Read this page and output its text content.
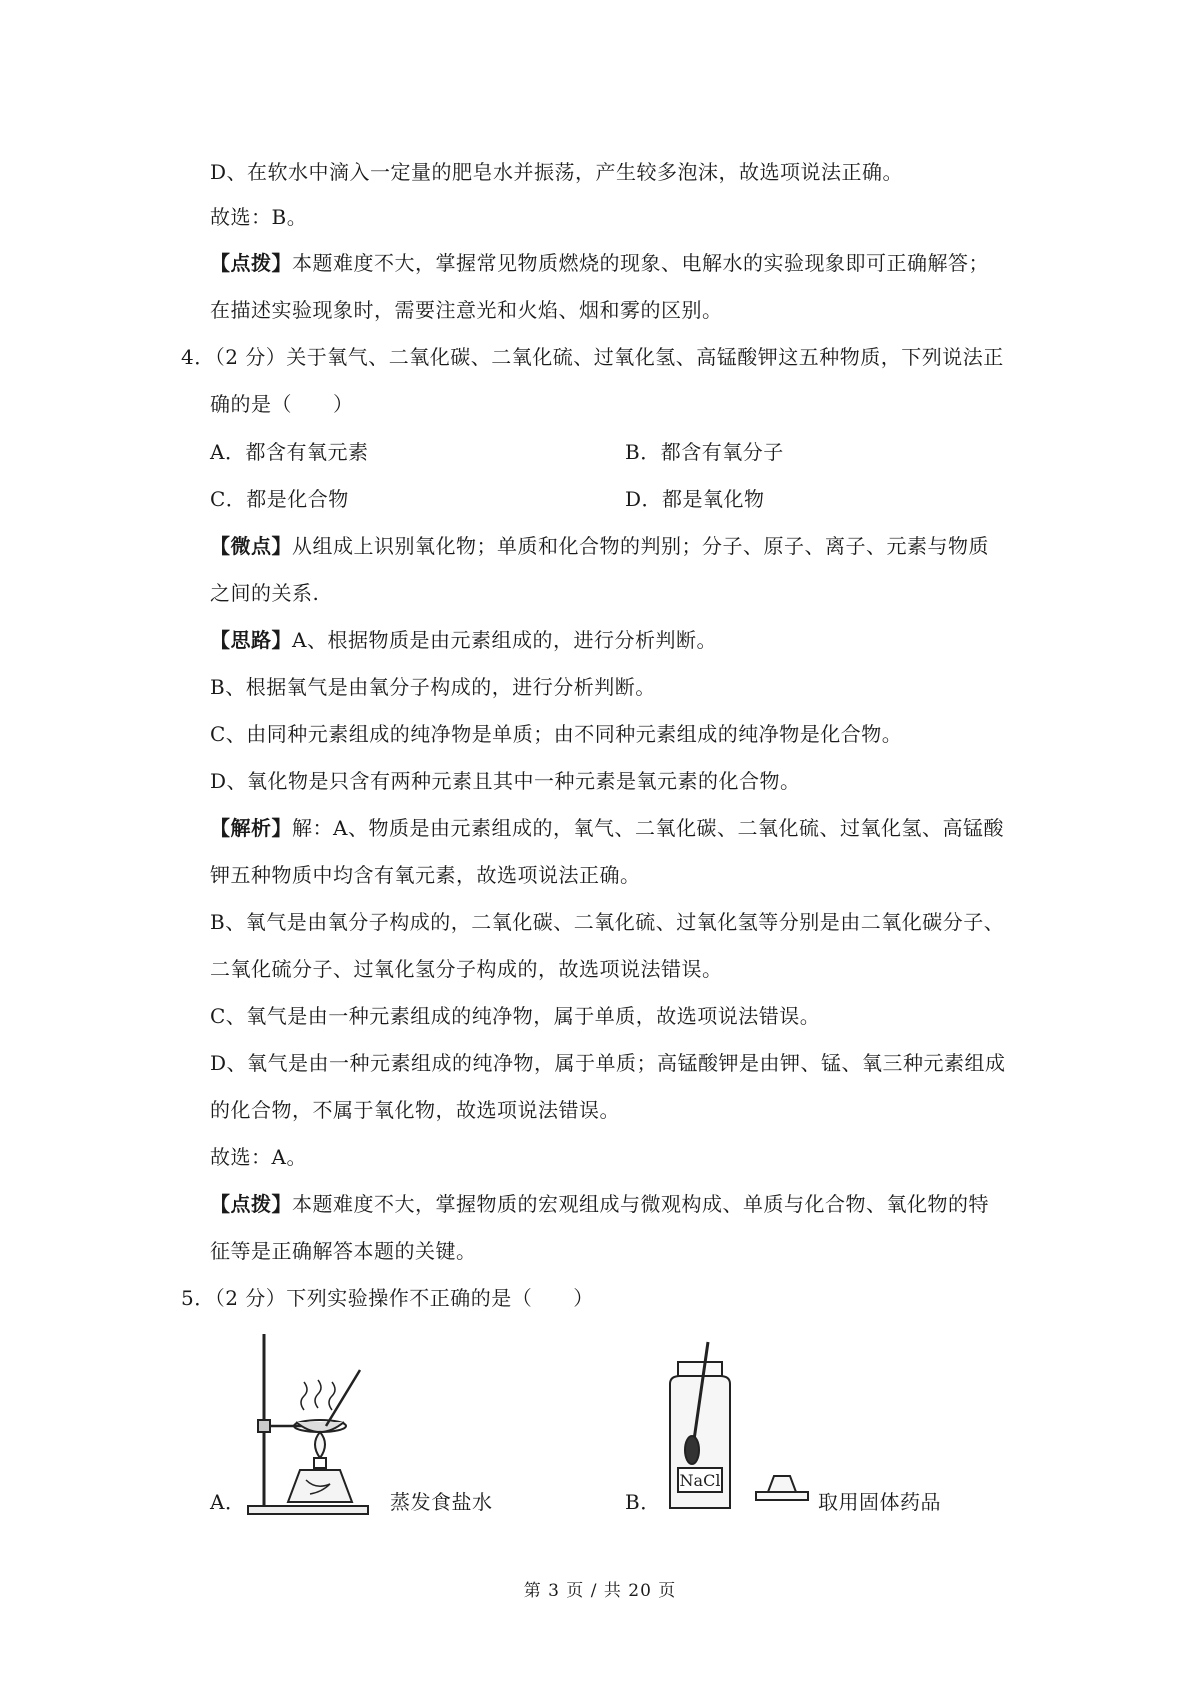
D、在软水中滴入一定量的肥皂水并振荡，产生较多泡沫，故选项说法正确。
故选：B。
【点拨】本题难度不大，掌握常见物质燃烧的现象、电解水的实验现象即可正确解答；
在描述实验现象时，需要注意光和火焰、烟和雾的区别。
4．（2 分）关于氧气、二氧化碳、二氧化硫、过氧化氢、高锰酸钾这五种物质，下列说法正
确的是（　　）
A．都含有氧元素	B．都含有氧分子
C．都是化合物	D．都是氧化物
【微点】从组成上识别氧化物；单质和化合物的判别；分子、原子、离子、元素与物质
之间的关系.
【思路】A、根据物质是由元素组成的，进行分析判断。
B、根据氧气是由氧分子构成的，进行分析判断。
C、由同种元素组成的纯净物是单质；由不同种元素组成的纯净物是化合物。
D、氧化物是只含有两种元素且其中一种元素是氧元素的化合物。
【解析】解：A、物质是由元素组成的，氧气、二氧化碳、二氧化硫、过氧化氢、高锰酸
钾五种物质中均含有氧元素，故选项说法正确。
B、氧气是由氧分子构成的，二氧化碳、二氧化硫、过氧化氢等分别是由二氧化碳分子、
二氧化硫分子、过氧化氢分子构成的，故选项说法错误。
C、氧气是由一种元素组成的纯净物，属于单质，故选项说法错误。
D、氧气是由一种元素组成的纯净物，属于单质；高锰酸钾是由钾、锰、氧三种元素组成
的化合物，不属于氧化物，故选项说法错误。
故选：A。
【点拨】本题难度不大，掌握物质的宏观组成与微观构成、单质与化合物、氧化物的特
征等是正确解答本题的关键。
5．（2 分）下列实验操作不正确的是（　　）
A．	蒸发食盐水	B．
NaCl
取用固体药品
第 3 页 / 共 20 页
